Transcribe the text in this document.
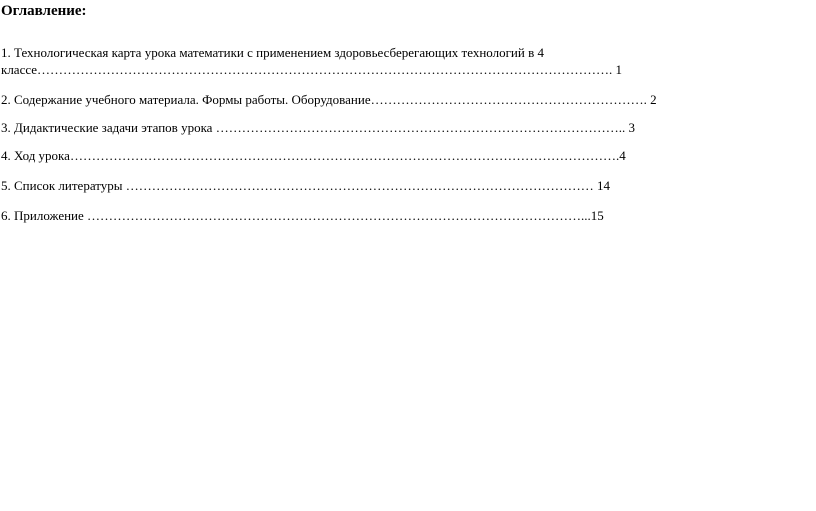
Оглавление:
1. Технологическая карта урока математики с применением здоровьесберегающих технологий в 4
классе……………………………………………………………………………………………………………………. 1
2. Содержание учебного материала. Формы работы. Оборудование………………………………………………………. 2
3. Дидактические задачи этапов урока ………………………………………………………………………………….. 3
4. Ход урока……………………………………………………………………………………………………………….4
5. Список литературы ……………………………………………………………………………………………… 14
6. Приложение ……………………………………………………………………………………………………...15
